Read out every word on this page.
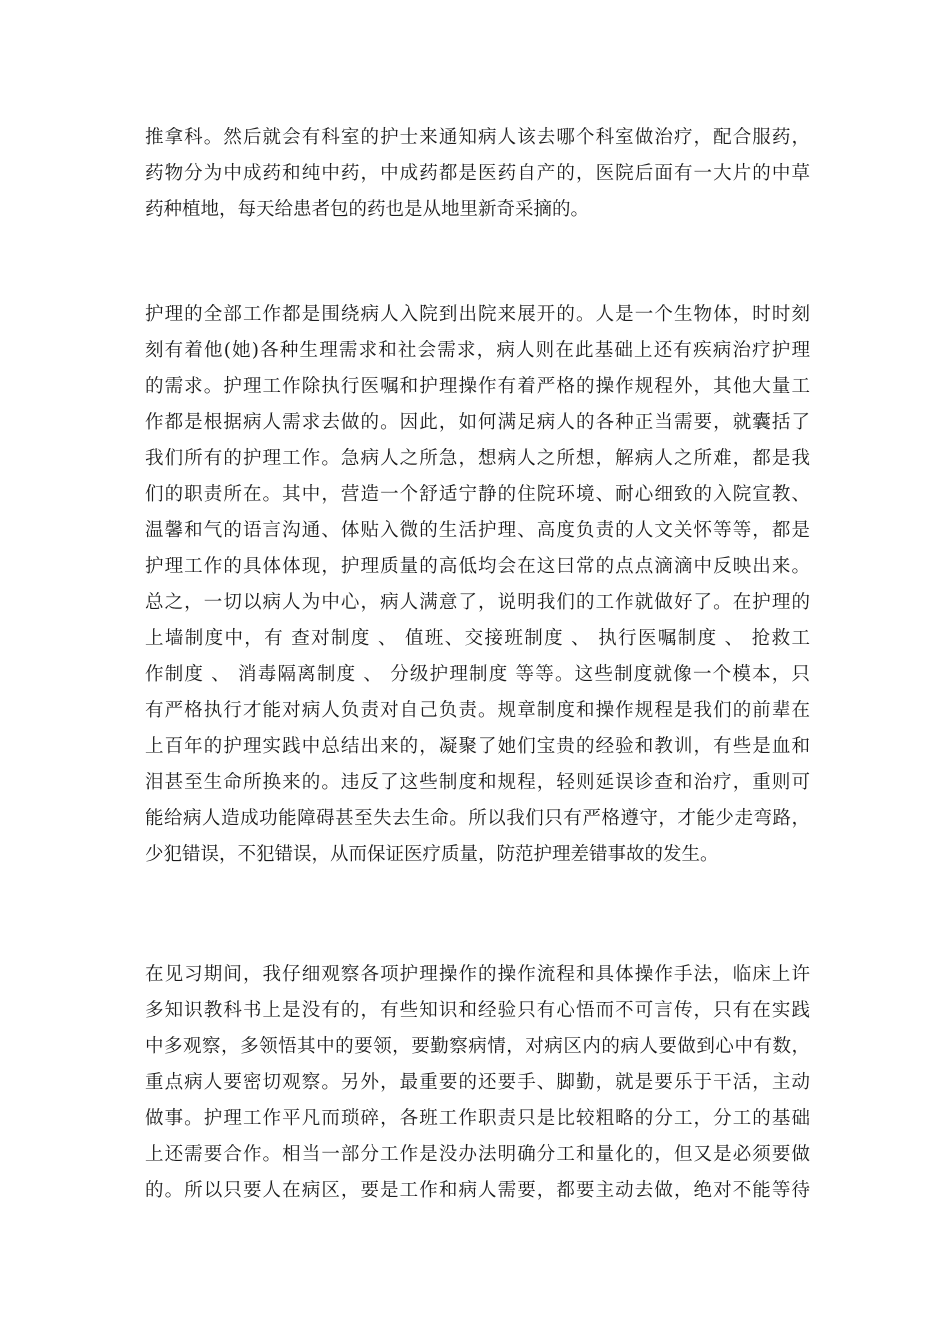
推拿科。然后就会有科室的护士来通知病人该去哪个科室做治疗，配合服药，
药物分为中成药和纯中药，中成药都是医药自产的，医院后面有一大片的中草
药种植地，每天给患者包的药也是从地里新奇采摘的。
护理的全部工作都是围绕病人入院到出院来展开的。人是一个生物体，时时刻
刻有着他(她)各种生理需求和社会需求，病人则在此基础上还有疾病治疗护理
的需求。护理工作除执行医嘱和护理操作有着严格的操作规程外，其他大量工
作都是根据病人需求去做的。因此，如何满足病人的各种正当需要，就囊括了
我们所有的护理工作。急病人之所急，想病人之所想，解病人之所难，都是我
们的职责所在。其中，营造一个舒适宁静的住院环境、耐心细致的入院宣教、
温馨和气的语言沟通、体贴入微的生活护理、高度负责的人文关怀等等，都是
护理工作的具体体现，护理质量的高低均会在这曰常的点点滴滴中反映出来。
总之，一切以病人为中心，病人满意了，说明我们的工作就做好了。在护理的
上墙制度中，有 查对制度 、 值班、交接班制度 、 执行医嘱制度 、 抢救工
作制度 、 消毒隔离制度 、 分级护理制度 等等。这些制度就像一个模本，只
有严格执行才能对病人负责对自己负责。规章制度和操作规程是我们的前辈在
上百年的护理实践中总结出来的，凝聚了她们宝贵的经验和教训，有些是血和
泪甚至生命所换来的。违反了这些制度和规程，轻则延误诊查和治疗，重则可
能给病人造成功能障碍甚至失去生命。所以我们只有严格遵守，才能少走弯路，
少犯错误，不犯错误，从而保证医疗质量，防范护理差错事故的发生。
在见习期间，我仔细观察各项护理操作的操作流程和具体操作手法，临床上许
多知识教科书上是没有的，有些知识和经验只有心悟而不可言传，只有在实践
中多观察，多领悟其中的要领，要勤察病情，对病区内的病人要做到心中有数，
重点病人要密切观察。另外，最重要的还要手、脚勤，就是要乐于干活，主动
做事。护理工作平凡而琐碎，各班工作职责只是比较粗略的分工，分工的基础
上还需要合作。相当一部分工作是没办法明确分工和量化的，但又是必须要做
的。所以只要人在病区，要是工作和病人需要，都要主动去做，绝对不能等待
